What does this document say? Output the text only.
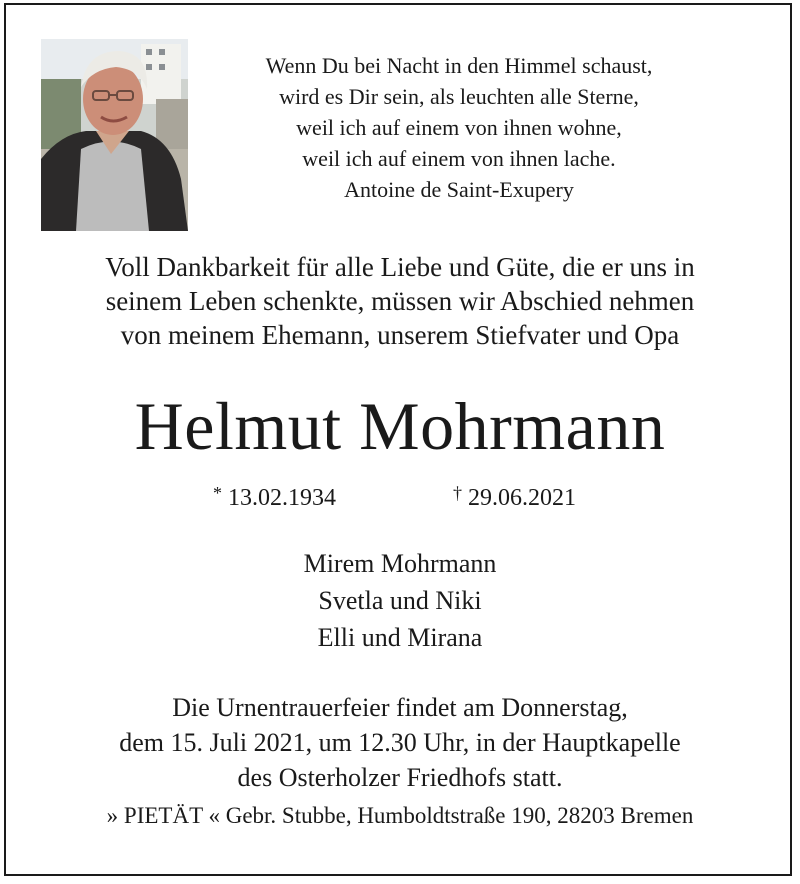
Wenn Du bei Nacht in den Himmel schaust,
wird es Dir sein, als leuchten alle Sterne,
weil ich auf einem von ihnen wohne,
weil ich auf einem von ihnen lache.
Antoine de Saint-Exupery
Voll Dankbarkeit für alle Liebe und Güte, die er uns in
seinem Leben schenkte, müssen wir Abschied nehmen
von meinem Ehemann, unserem Stiefvater und Opa
Helmut Mohrmann
* 13.02.1934	† 29.06.2021
Mirem Mohrmann
Svetla und Niki
Elli und Mirana
Die Urnentrauerfeier findet am Donnerstag,
dem 15. Juli 2021, um 12.30 Uhr, in der Hauptkapelle
des Osterholzer Friedhofs statt.
» PIETÄT « Gebr. Stubbe, Humboldtstraße 190, 28203 Bremen
